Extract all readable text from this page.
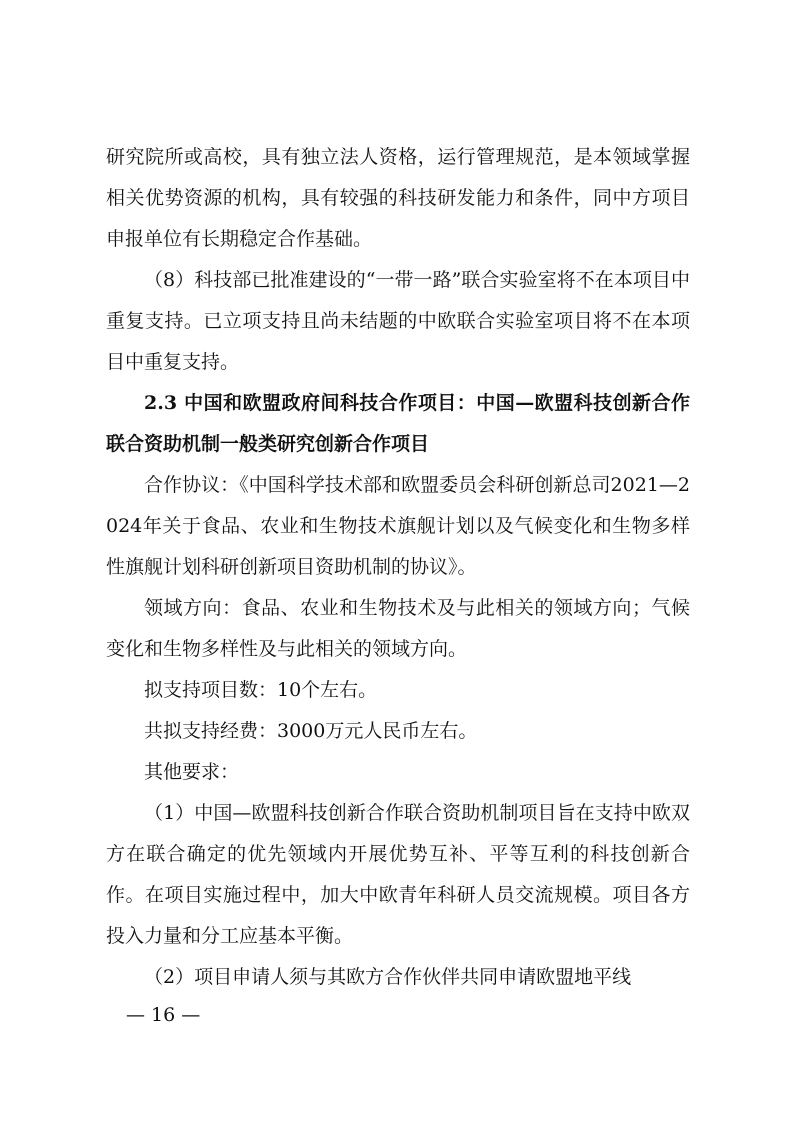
研究院所或高校，具有独立法人资格，运行管理规范，是本领域掌握相关优势资源的机构，具有较强的科技研发能力和条件，同中方项目申报单位有长期稳定合作基础。

（8）科技部已批准建设的“一带一路”联合实验室将不在本项目中重复支持。已立项支持且尚未结题的中欧联合实验室项目将不在本项目中重复支持。

2.3 中国和欧盟政府间科技合作项目：中国—欧盟科技创新合作联合资助机制一般类研究创新合作项目

合作协议：《中国科学技术部和欧盟委员会科研创新总司2021—2024年关于食品、农业和生物技术旗舰计划以及气候变化和生物多样性旗舰计划科研创新项目资助机制的协议》。

领域方向：食品、农业和生物技术及与此相关的领域方向；气候变化和生物多样性及与此相关的领域方向。

拟支持项目数：10个左右。

共拟支持经费：3000万元人民币左右。

其他要求：

（1）中国—欧盟科技创新合作联合资助机制项目旨在支持中欧双方在联合确定的优先领域内开展优势互补、平等互利的科技创新合作。在项目实施过程中，加大中欧青年科研人员交流规模。项目各方投入力量和分工应基本平衡。

（2）项目申请人须与其欧方合作伙伴共同申请欧盟地平线

— 16 —
